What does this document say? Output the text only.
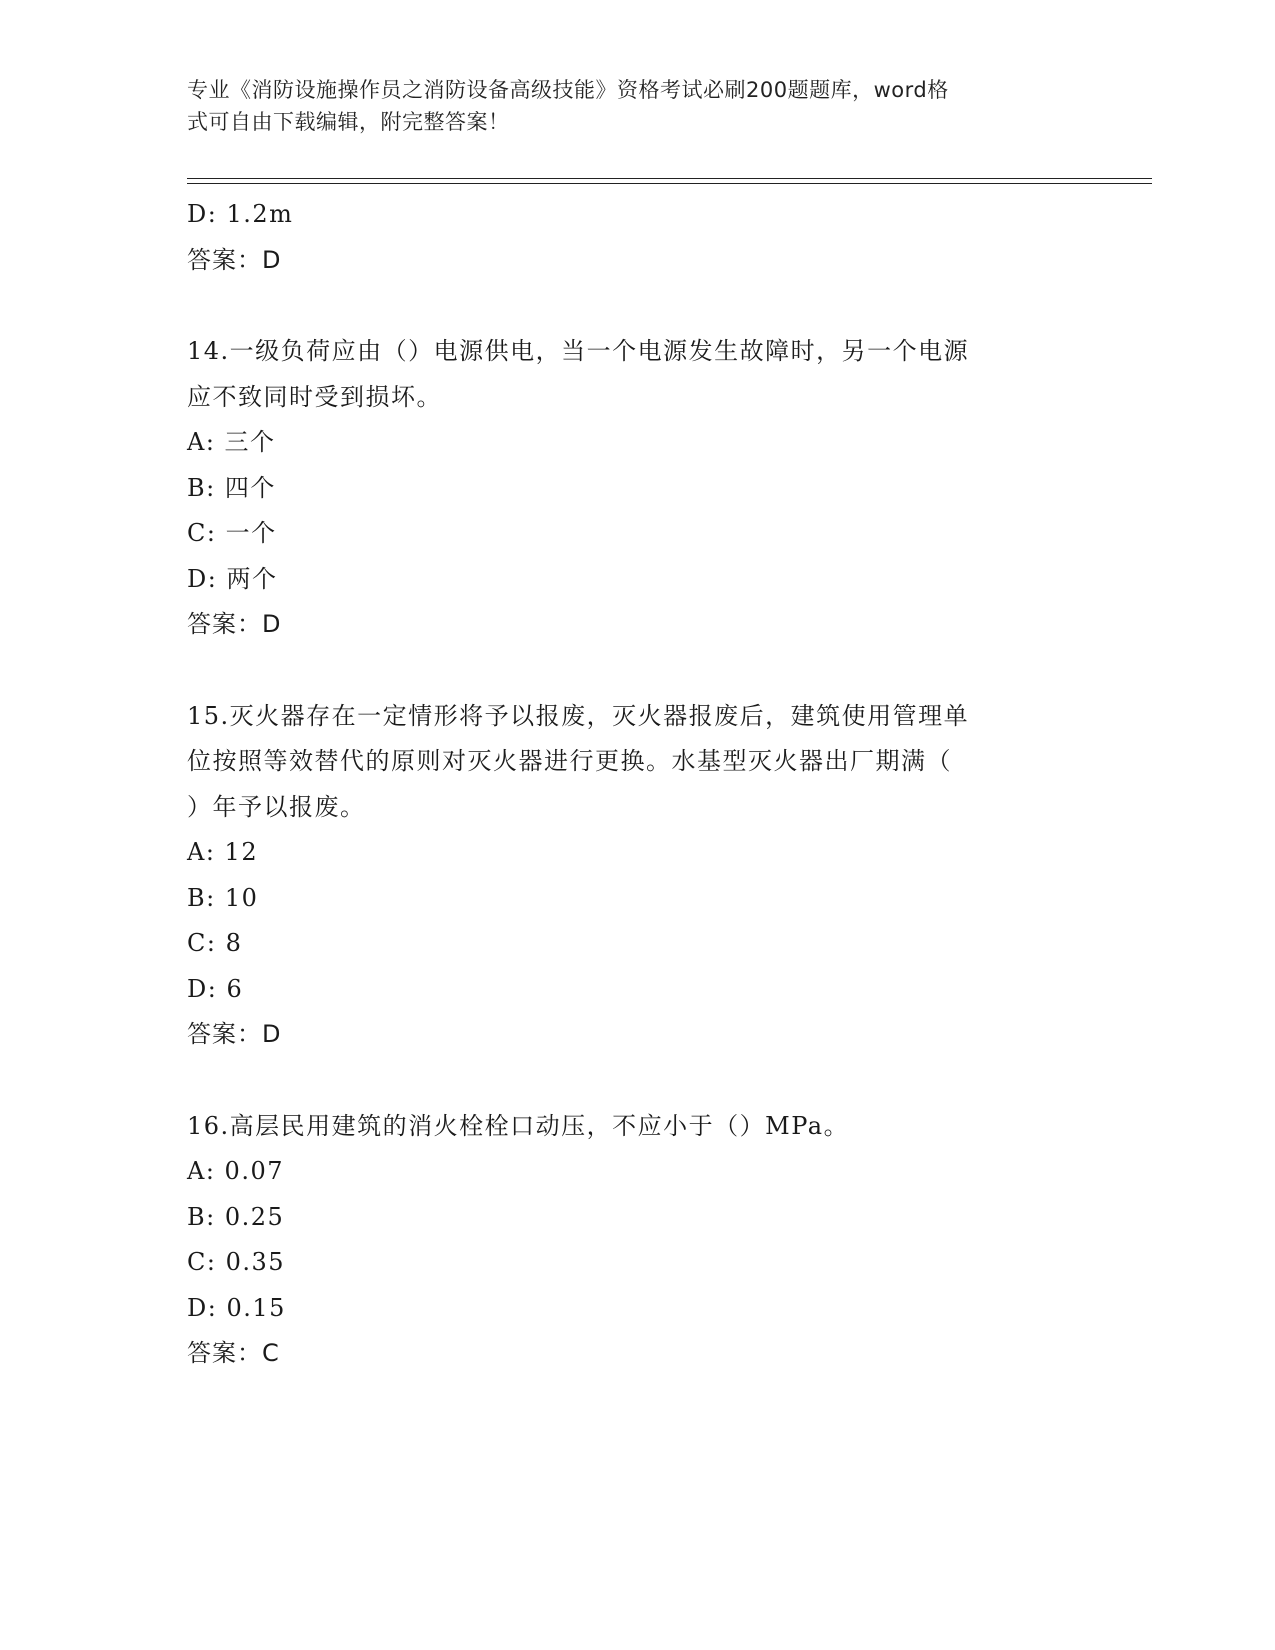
专业《消防设施操作员之消防设备高级技能》资格考试必刷200题题库，word格
式可自由下载编辑，附完整答案！
D: 1.2m
答案：D
14.一级负荷应由（）电源供电，当一个电源发生故障时，另一个电源
应不致同时受到损坏。
A: 三个
B: 四个
C: 一个
D: 两个
答案：D
15.灭火器存在一定情形将予以报废，灭火器报废后，建筑使用管理单
位按照等效替代的原则对灭火器进行更换。水基型灭火器出厂期满（
）年予以报废。
A: 12
B: 10
C: 8
D: 6
答案：D
16.高层民用建筑的消火栓栓口动压，不应小于（）MPa。
A: 0.07
B: 0.25
C: 0.35
D: 0.15
答案：C
